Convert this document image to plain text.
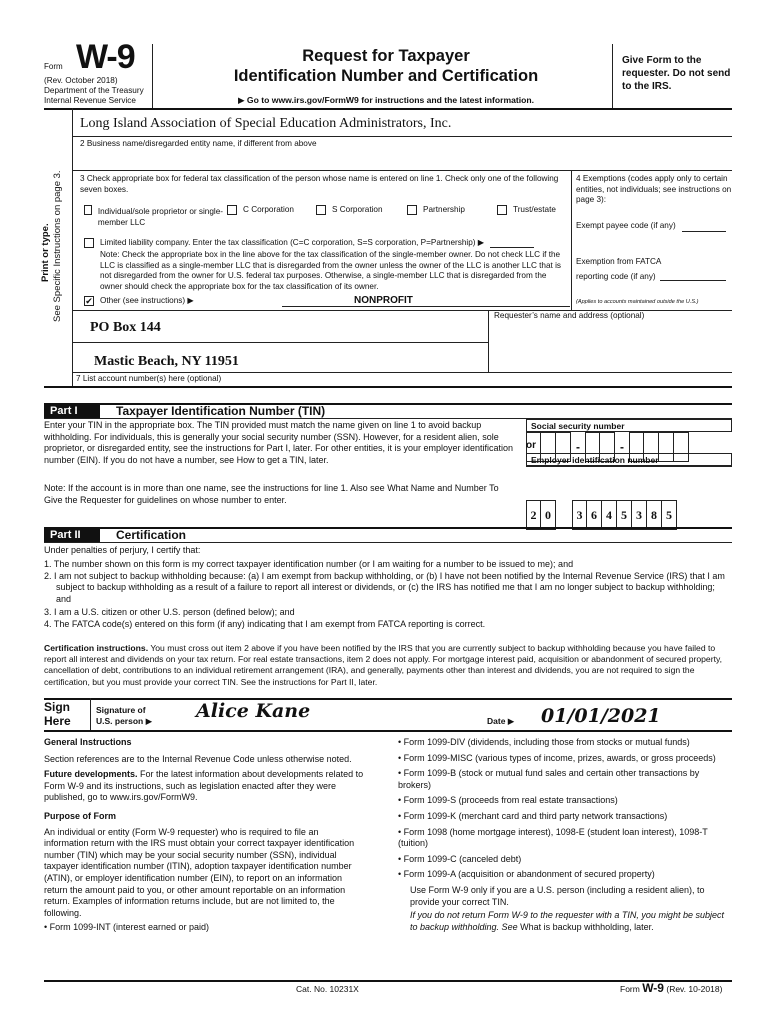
Form W-9
(Rev. October 2018)
Department of the Treasury
Internal Revenue Service
Request for Taxpayer
Identification Number and Certification
▶ Go to www.irs.gov/FormW9 for instructions and the latest information.
Give Form to the requester. Do not send to the IRS.
Print or type. See Specific Instructions on page 3.
Long Island Association of Special Education Administrators, Inc.
2 Business name/disregarded entity name, if different from above
3 Check appropriate box for federal tax classification of the person whose name is entered on line 1. Check only one of the following seven boxes.
Individual/sole proprietor or single-member LLC
C Corporation	S Corporation	Partnership	Trust/estate
Limited liability company. Enter the tax classification (C=C corporation, S=S corporation, P=Partnership) ▶
Note: Check the appropriate box in the line above for the tax classification of the single-member owner. Do not check LLC if the LLC is classified as a single-member LLC that is disregarded from the owner unless the owner of the LLC is another LLC that is not disregarded from the owner for U.S. federal tax purposes. Otherwise, a single-member LLC that is disregarded from the owner should check the appropriate box for the tax classification of its owner.
✔ Other (see instructions) ▶	NONPROFIT
4 Exemptions (codes apply only to certain entities, not individuals; see instructions on page 3):
Exempt payee code (if any)
Exemption from FATCA reporting code (if any)
(Applies to accounts maintained outside the U.S.)
PO Box 144
Mastic Beach, NY 11951
Requester’s name and address (optional)
7 List account number(s) here (optional)
Part I	Taxpayer Identification Number (TIN)
Enter your TIN in the appropriate box. The TIN provided must match the name given on line 1 to avoid backup withholding. For individuals, this is generally your social security number (SSN). However, for a resident alien, sole proprietor, or disregarded entity, see the instructions for Part I, later. For other entities, it is your employer identification number (EIN). If you do not have a number, see How to get a TIN, later.
Note: If the account is in more than one name, see the instructions for line 1. Also see What Name and Number To Give the Requester for guidelines on whose number to enter.
Social security number
-	-
or
Employer identification number
2 0	3 6 4 5 3 8 5
Part II	Certification
Under penalties of perjury, I certify that:
1. The number shown on this form is my correct taxpayer identification number (or I am waiting for a number to be issued to me); and
2. I am not subject to backup withholding because: (a) I am exempt from backup withholding, or (b) I have not been notified by the Internal Revenue Service (IRS) that I am subject to backup withholding as a result of a failure to report all interest or dividends, or (c) the IRS has notified me that I am no longer subject to backup withholding; and
3. I am a U.S. citizen or other U.S. person (defined below); and
4. The FATCA code(s) entered on this form (if any) indicating that I am exempt from FATCA reporting is correct.
Certification instructions. You must cross out item 2 above if you have been notified by the IRS that you are currently subject to backup withholding because you have failed to report all interest and dividends on your tax return. For real estate transactions, item 2 does not apply. For mortgage interest paid, acquisition or abandonment of secured property, cancellation of debt, contributions to an individual retirement arrangement (IRA), and generally, payments other than interest and dividends, you are not required to sign the certification, but you must provide your correct TIN. See the instructions for Part II, later.
Sign
Here
Signature of
U.S. person ▶ Alice Kane	Date ▶ 01/01/2021
General Instructions

Section references are to the Internal Revenue Code unless otherwise noted.

Future developments. For the latest information about developments related to Form W-9 and its instructions, such as legislation enacted after they were published, go to www.irs.gov/FormW9.

Purpose of Form

An individual or entity (Form W-9 requester) who is required to file an information return with the IRS must obtain your correct taxpayer identification number (TIN) which may be your social security number (SSN), individual taxpayer identification number (ITIN), adoption taxpayer identification number (ATIN), or employer identification number (EIN), to report on an information return the amount paid to you, or other amount reportable on an information return. Examples of information returns include, but are not limited to, the following.

• Form 1099-INT (interest earned or paid)

• Form 1099-DIV (dividends, including those from stocks or mutual funds)

• Form 1099-MISC (various types of income, prizes, awards, or gross proceeds)

• Form 1099-B (stock or mutual fund sales and certain other transactions by brokers)

• Form 1099-S (proceeds from real estate transactions)

• Form 1099-K (merchant card and third party network transactions)

• Form 1098 (home mortgage interest), 1098-E (student loan interest), 1098-T (tuition)

• Form 1099-C (canceled debt)

• Form 1099-A (acquisition or abandonment of secured property)

Use Form W-9 only if you are a U.S. person (including a resident alien), to provide your correct TIN.

If you do not return Form W-9 to the requester with a TIN, you might be subject to backup withholding. See What is backup withholding, later.

Cat. No. 10231X	Form W-9 (Rev. 10-2018)
